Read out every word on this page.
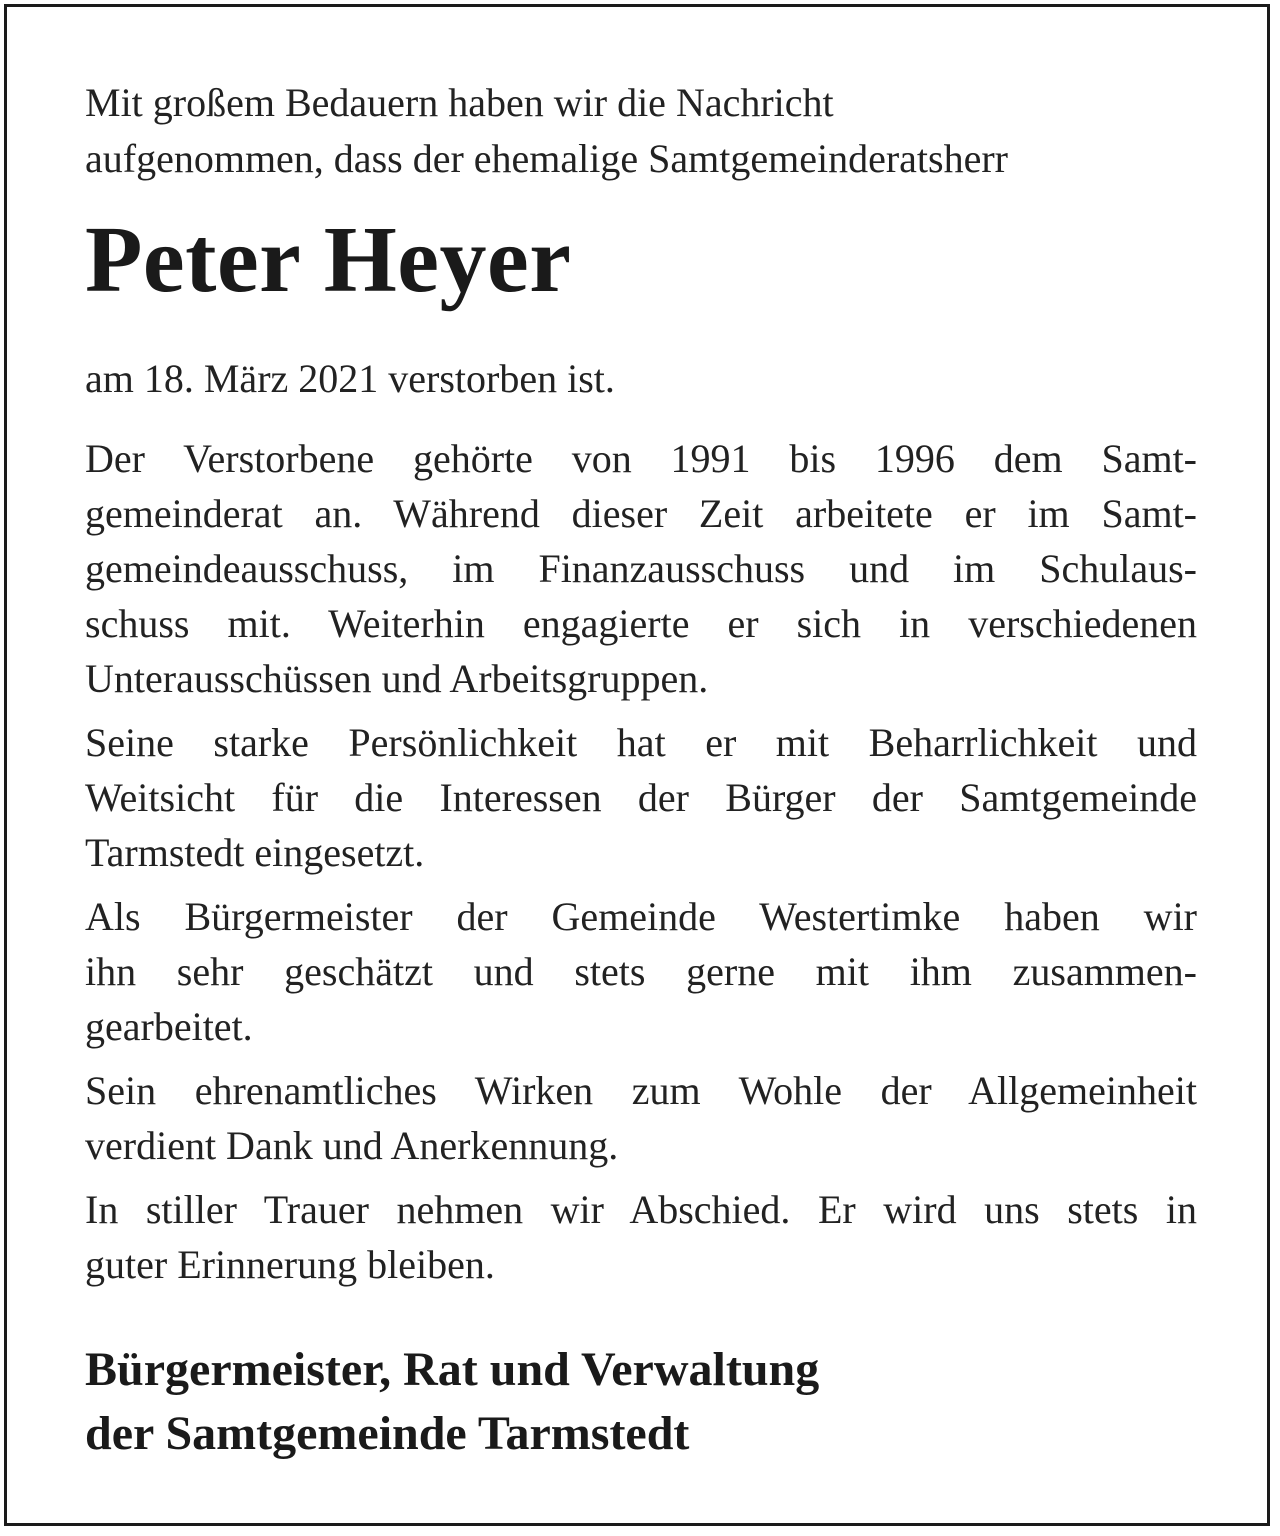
Mit großem Bedauern haben wir die Nachricht
aufgenommen, dass der ehemalige Samtgemeinderatsherr

Peter Heyer
am 18. März 2021 verstorben ist.
Der Verstorbene gehörte von 1991 bis 1996 dem Samt-
gemeinderat an. Während dieser Zeit arbeitete er im Samt-
gemeindeausschuss, im Finanzausschuss und im Schulaus-
schuss mit. Weiterhin engagierte er sich in verschiedenen
Unterausschüssen und Arbeitsgruppen.
Seine starke Persönlichkeit hat er mit Beharrlichkeit und
Weitsicht für die Interessen der Bürger der Samtgemeinde
Tarmstedt eingesetzt.
Als Bürgermeister der Gemeinde Westertimke haben wir
ihn sehr geschätzt und stets gerne mit ihm zusammen-
gearbeitet.
Sein ehrenamtliches Wirken zum Wohle der Allgemeinheit
verdient Dank und Anerkennung.
In stiller Trauer nehmen wir Abschied. Er wird uns stets in
guter Erinnerung bleiben.
Bürgermeister, Rat und Verwaltung
der Samtgemeinde Tarmstedt
